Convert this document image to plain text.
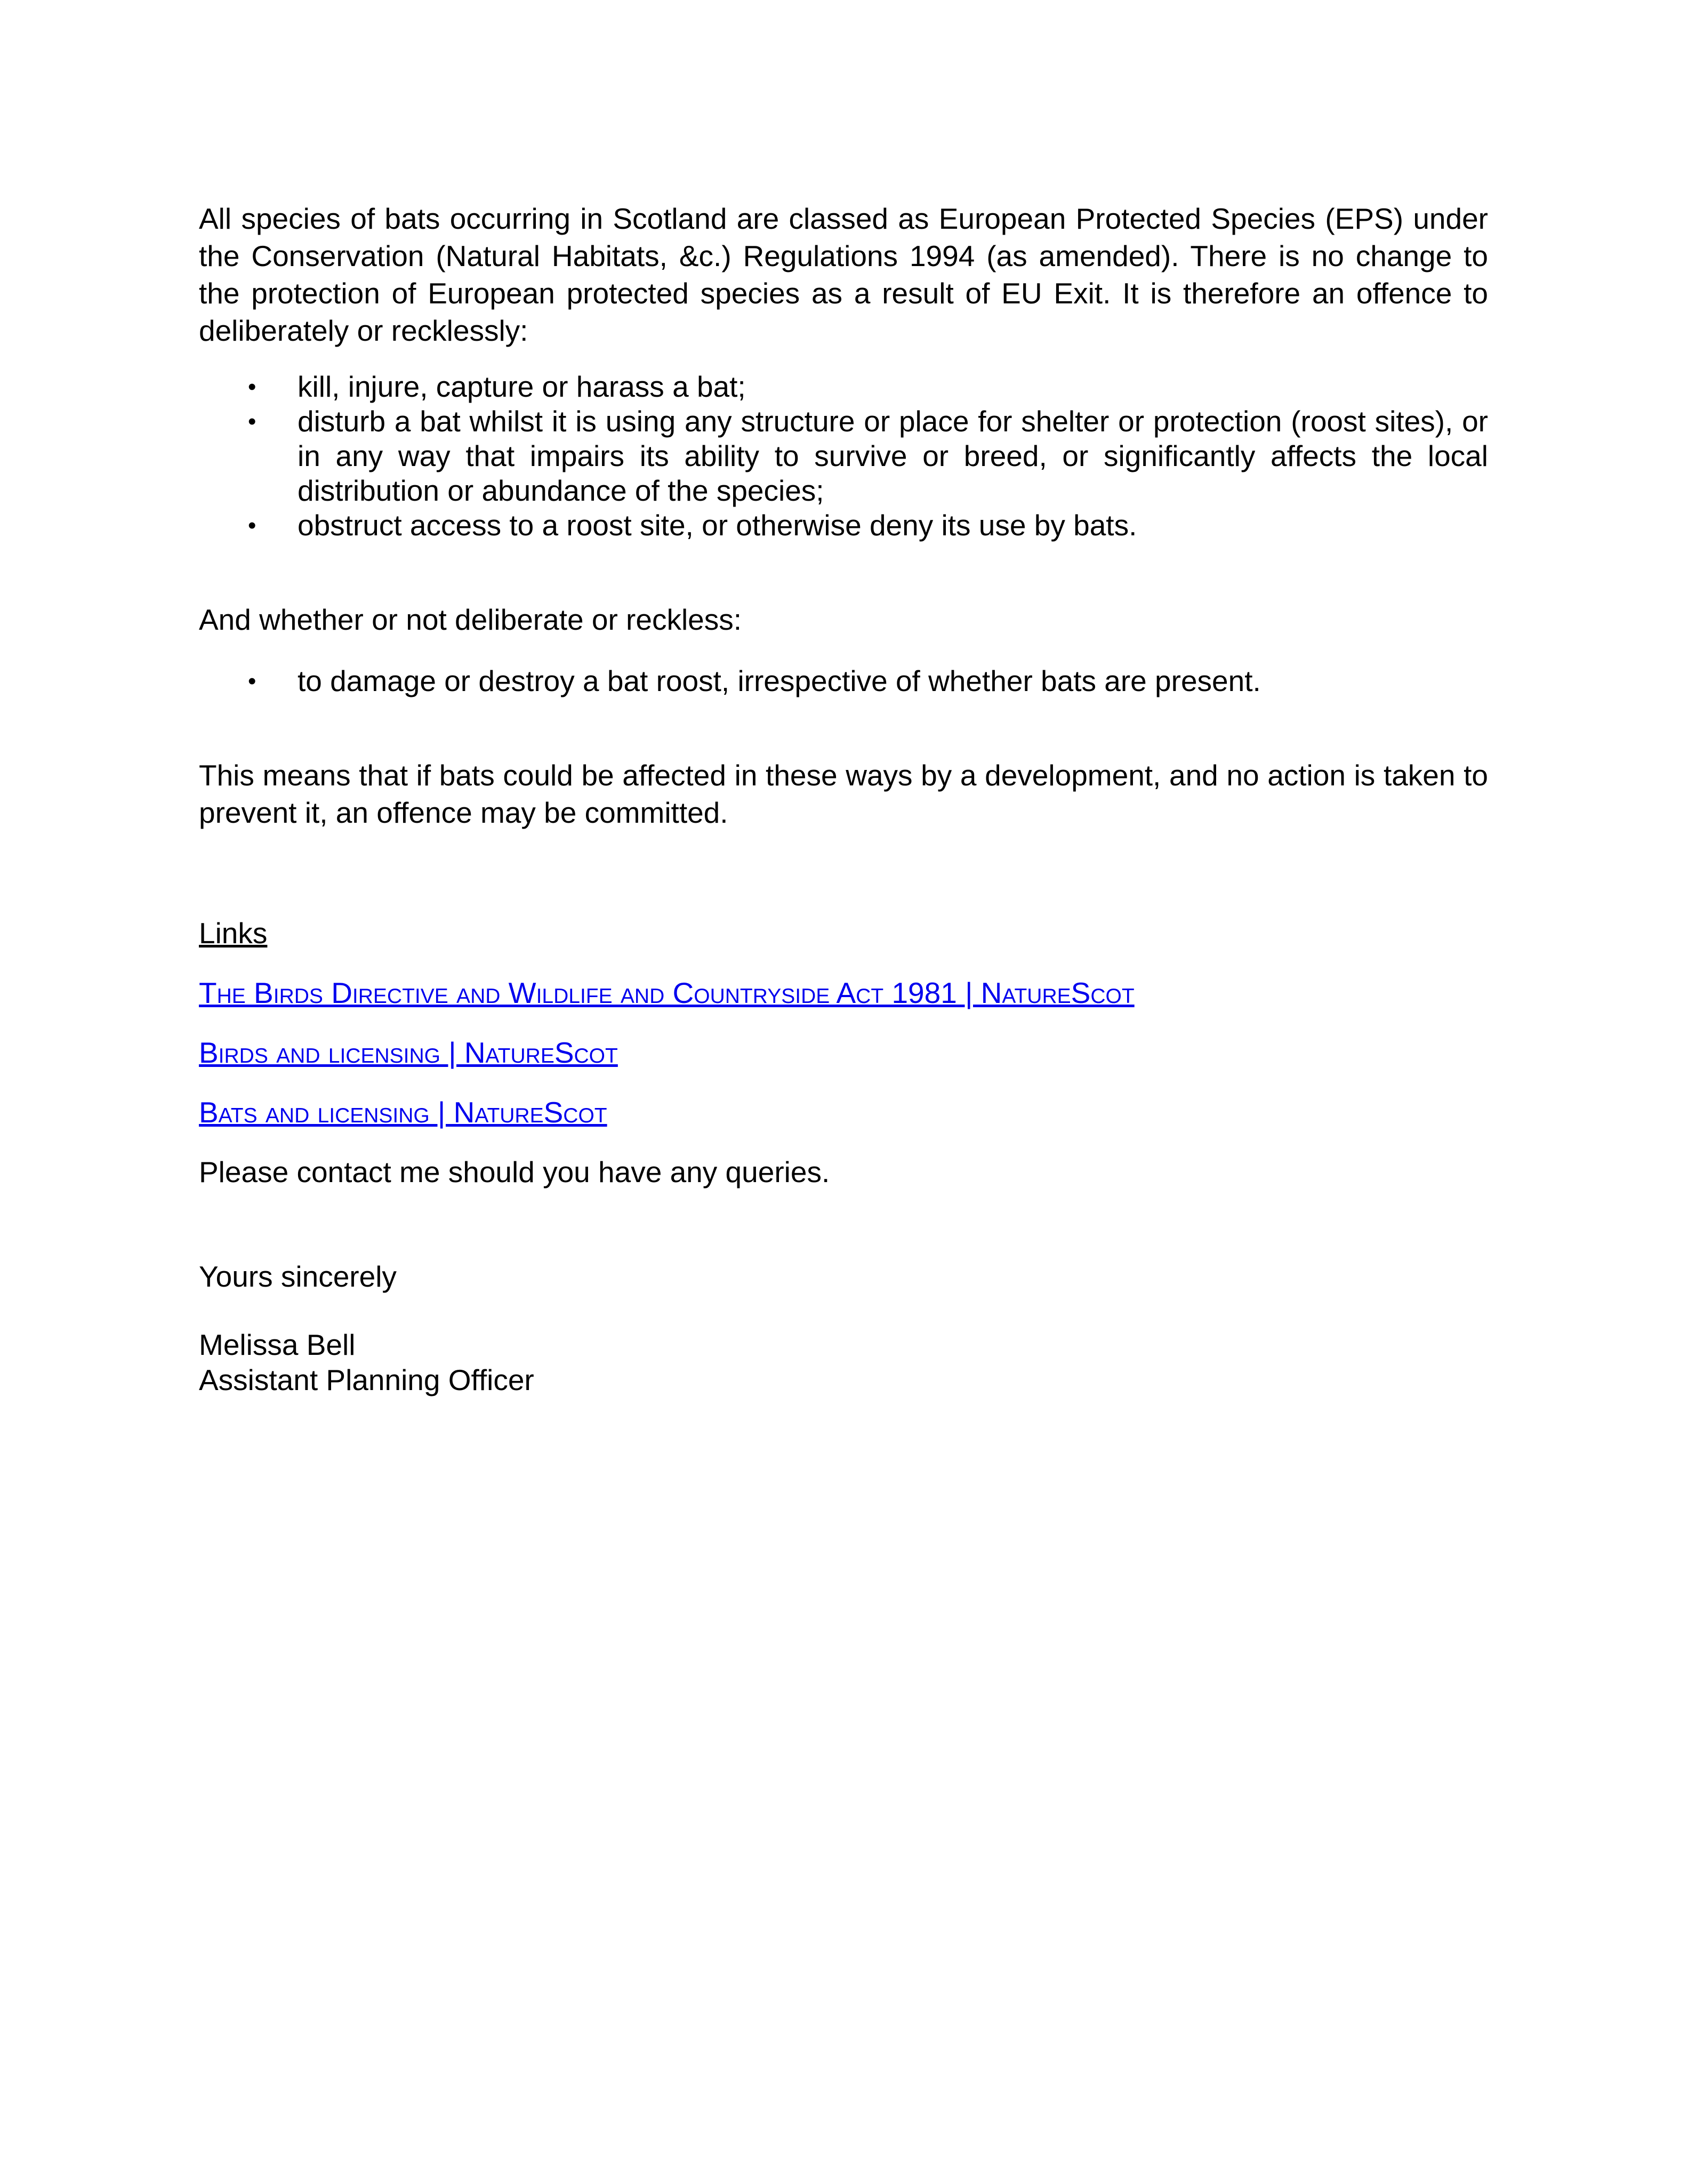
All species of bats occurring in Scotland are classed as European Protected Species (EPS) under the Conservation (Natural Habitats, &c.) Regulations 1994 (as amended). There is no change to the protection of European protected species as a result of EU Exit. It is therefore an offence to deliberately or recklessly:

• kill, injure, capture or harass a bat;
• disturb a bat whilst it is using any structure or place for shelter or protection (roost sites), or in any way that impairs its ability to survive or breed, or significantly affects the local distribution or abundance of the species;
• obstruct access to a roost site, or otherwise deny its use by bats.

And whether or not deliberate or reckless:

• to damage or destroy a bat roost, irrespective of whether bats are present.

This means that if bats could be affected in these ways by a development, and no action is taken to prevent it, an offence may be committed.

Links

The Birds Directive and Wildlife and Countryside Act 1981 | NatureScot
Birds and licensing | NatureScot
Bats and licensing | NatureScot

Please contact me should you have any queries.

Yours sincerely

Melissa Bell

Assistant Planning Officer
